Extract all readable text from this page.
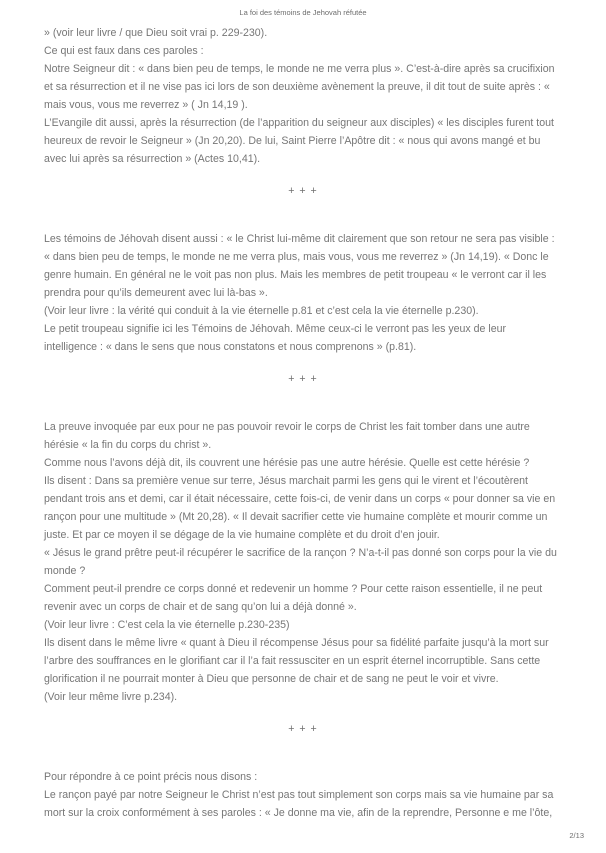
La foi des témoins de Jehovah réfutée
» (voir leur livre / que Dieu soit vrai p. 229-230).
Ce qui est faux dans ces paroles :
Notre Seigneur dit : « dans bien peu de temps, le monde ne me verra plus ». C’est-à-dire après sa crucifixion
et sa résurrection et il ne vise pas ici lors de son deuxième avènement la preuve, il dit tout de suite après : «
mais vous, vous me reverrez » ( Jn 14,19 ).
L’Evangile dit aussi, après la résurrection (de l’apparition du seigneur aux disciples) « les disciples furent tout
heureux de revoir le Seigneur » (Jn 20,20). De lui, Saint Pierre l’Apôtre dit : « nous qui avons mangé et bu
avec lui après sa résurrection » (Actes 10,41).
+ + +
Les témoins de Jéhovah disent aussi : « le Christ lui-même dit clairement que son retour ne sera pas visible :
« dans bien peu de temps, le monde ne me verra plus, mais vous, vous me reverrez » (Jn 14,19). « Donc le
genre humain. En général ne le voit pas non plus. Mais les membres de petit troupeau « le verront car il les
prendra pour qu’ils demeurent avec lui là-bas ».
(Voir leur livre : la vérité qui conduit à la vie éternelle p.81 et c’est cela la vie éternelle p.230).
Le petit troupeau signifie ici les Témoins de Jéhovah. Même ceux-ci le verront pas les yeux de leur
intelligence : « dans le sens que nous constatons et nous comprenons » (p.81).
+ + +
La preuve invoquée par eux pour ne pas pouvoir revoir le corps de Christ les fait tomber dans une autre
hérésie « la fin du corps du christ ».
Comme nous l’avons déjà dit, ils couvrent une hérésie pas une autre hérésie. Quelle est cette hérésie ?
Ils disent : Dans sa première venue sur terre, Jésus marchait parmi les gens qui le virent et l’écoutèrent
pendant trois ans et demi, car il était nécessaire, cette fois-ci, de venir dans un corps « pour donner sa vie en
rançon pour une multitude » (Mt 20,28). « Il devait sacrifier cette vie humaine complète et mourir comme un
juste. Et par ce moyen il se dégage de la vie humaine complète et du droit d’en jouir.
« Jésus le grand prêtre peut-il récupérer le sacrifice de la rançon ? N’a-t-il pas donné son corps pour la vie du
monde ?
Comment peut-il prendre ce corps donné et redevenir un homme ? Pour cette raison essentielle, il ne peut
revenir avec un corps de chair et de sang qu’on lui a déjà donné ».
(Voir leur livre : C’est cela la vie éternelle p.230-235)
Ils disent dans le même livre « quant à Dieu il récompense Jésus pour sa fidélité parfaite jusqu’à la mort sur
l’arbre des souffrances en le glorifiant car il l’a fait ressusciter en un esprit éternel incorruptible. Sans cette
glorification il ne pourrait monter à Dieu que personne de chair et de sang ne peut le voir et vivre.
(Voir leur même livre p.234).
+ + +
Pour répondre à ce point précis nous disons :
Le rançon payé par notre Seigneur le Christ n’est pas tout simplement son corps mais sa vie humaine par sa
mort sur la croix conformément à ses paroles : « Je donne ma vie, afin de la reprendre, Personne e me l’ôte,
2/13
